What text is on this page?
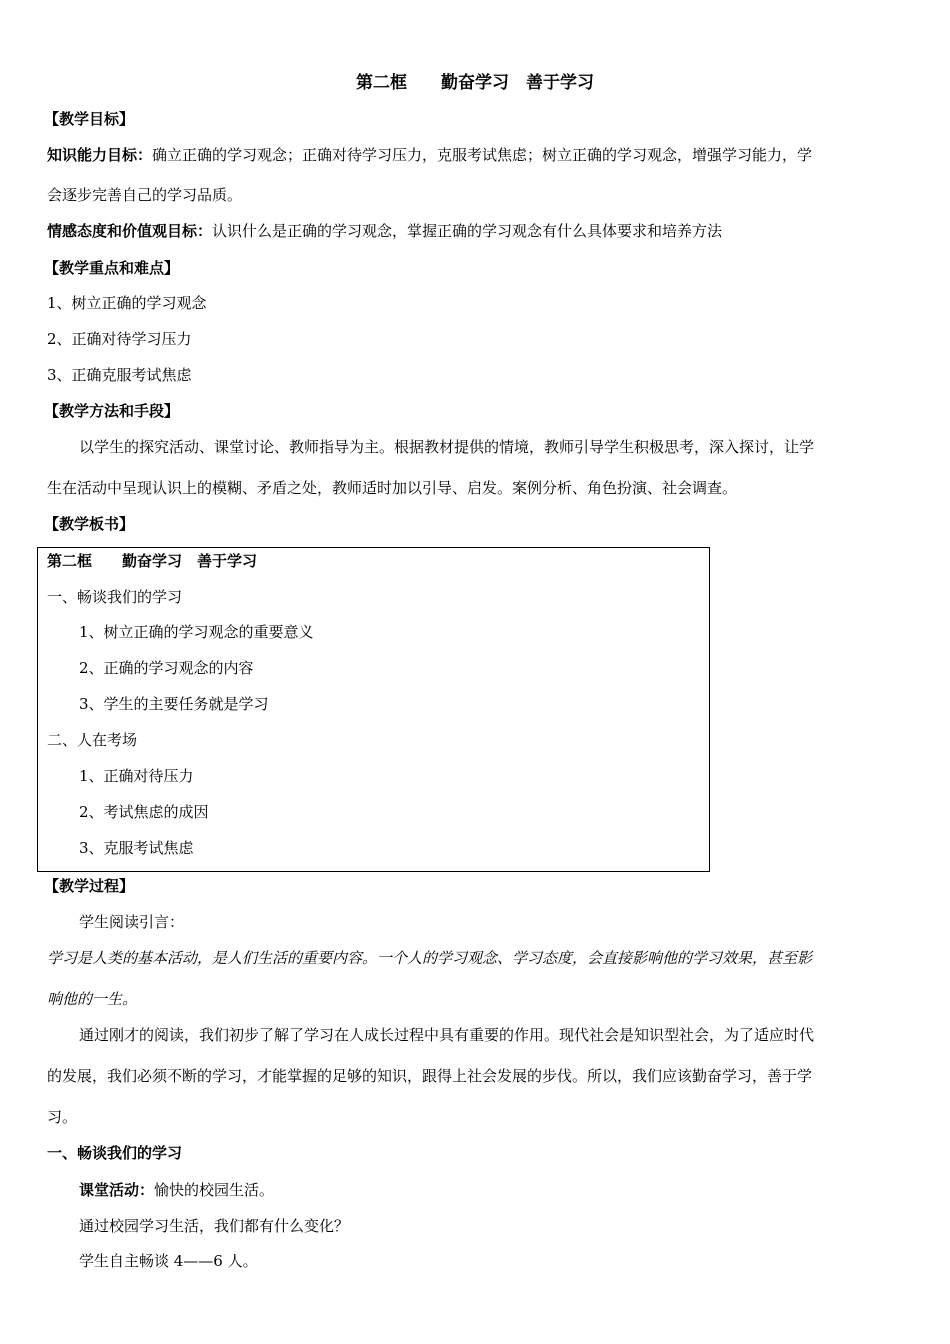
第二框　　勤奋学习　善于学习
【教学目标】
知识能力目标：确立正确的学习观念；正确对待学习压力，克服考试焦虑；树立正确的学习观念，增强学习能力，学
会逐步完善自己的学习品质。
情感态度和价值观目标：认识什么是正确的学习观念，掌握正确的学习观念有什么具体要求和培养方法
【教学重点和难点】
1、树立正确的学习观念
2、正确对待学习压力
3、正确克服考试焦虑
【教学方法和手段】
以学生的探究活动、课堂讨论、教师指导为主。根据教材提供的情境，教师引导学生积极思考，深入探讨，让学
生在活动中呈现认识上的模糊、矛盾之处，教师适时加以引导、启发。案例分析、角色扮演、社会调查。
【教学板书】
第二框　　勤奋学习　善于学习
一、畅谈我们的学习
1、树立正确的学习观念的重要意义
2、正确的学习观念的内容
3、学生的主要任务就是学习
二、人在考场
1、正确对待压力
2、考试焦虑的成因
3、克服考试焦虑
【教学过程】
学生阅读引言：
学习是人类的基本活动，是人们生活的重要内容。一个人的学习观念、学习态度，会直接影响他的学习效果，甚至影
响他的一生。
通过刚才的阅读，我们初步了解了学习在人成长过程中具有重要的作用。现代社会是知识型社会，为了适应时代
的发展，我们必须不断的学习，才能掌握的足够的知识，跟得上社会发展的步伐。所以，我们应该勤奋学习，善于学
习。
一、畅谈我们的学习
课堂活动：愉快的校园生活。
通过校园学习生活，我们都有什么变化？
学生自主畅谈 4——6 人。
